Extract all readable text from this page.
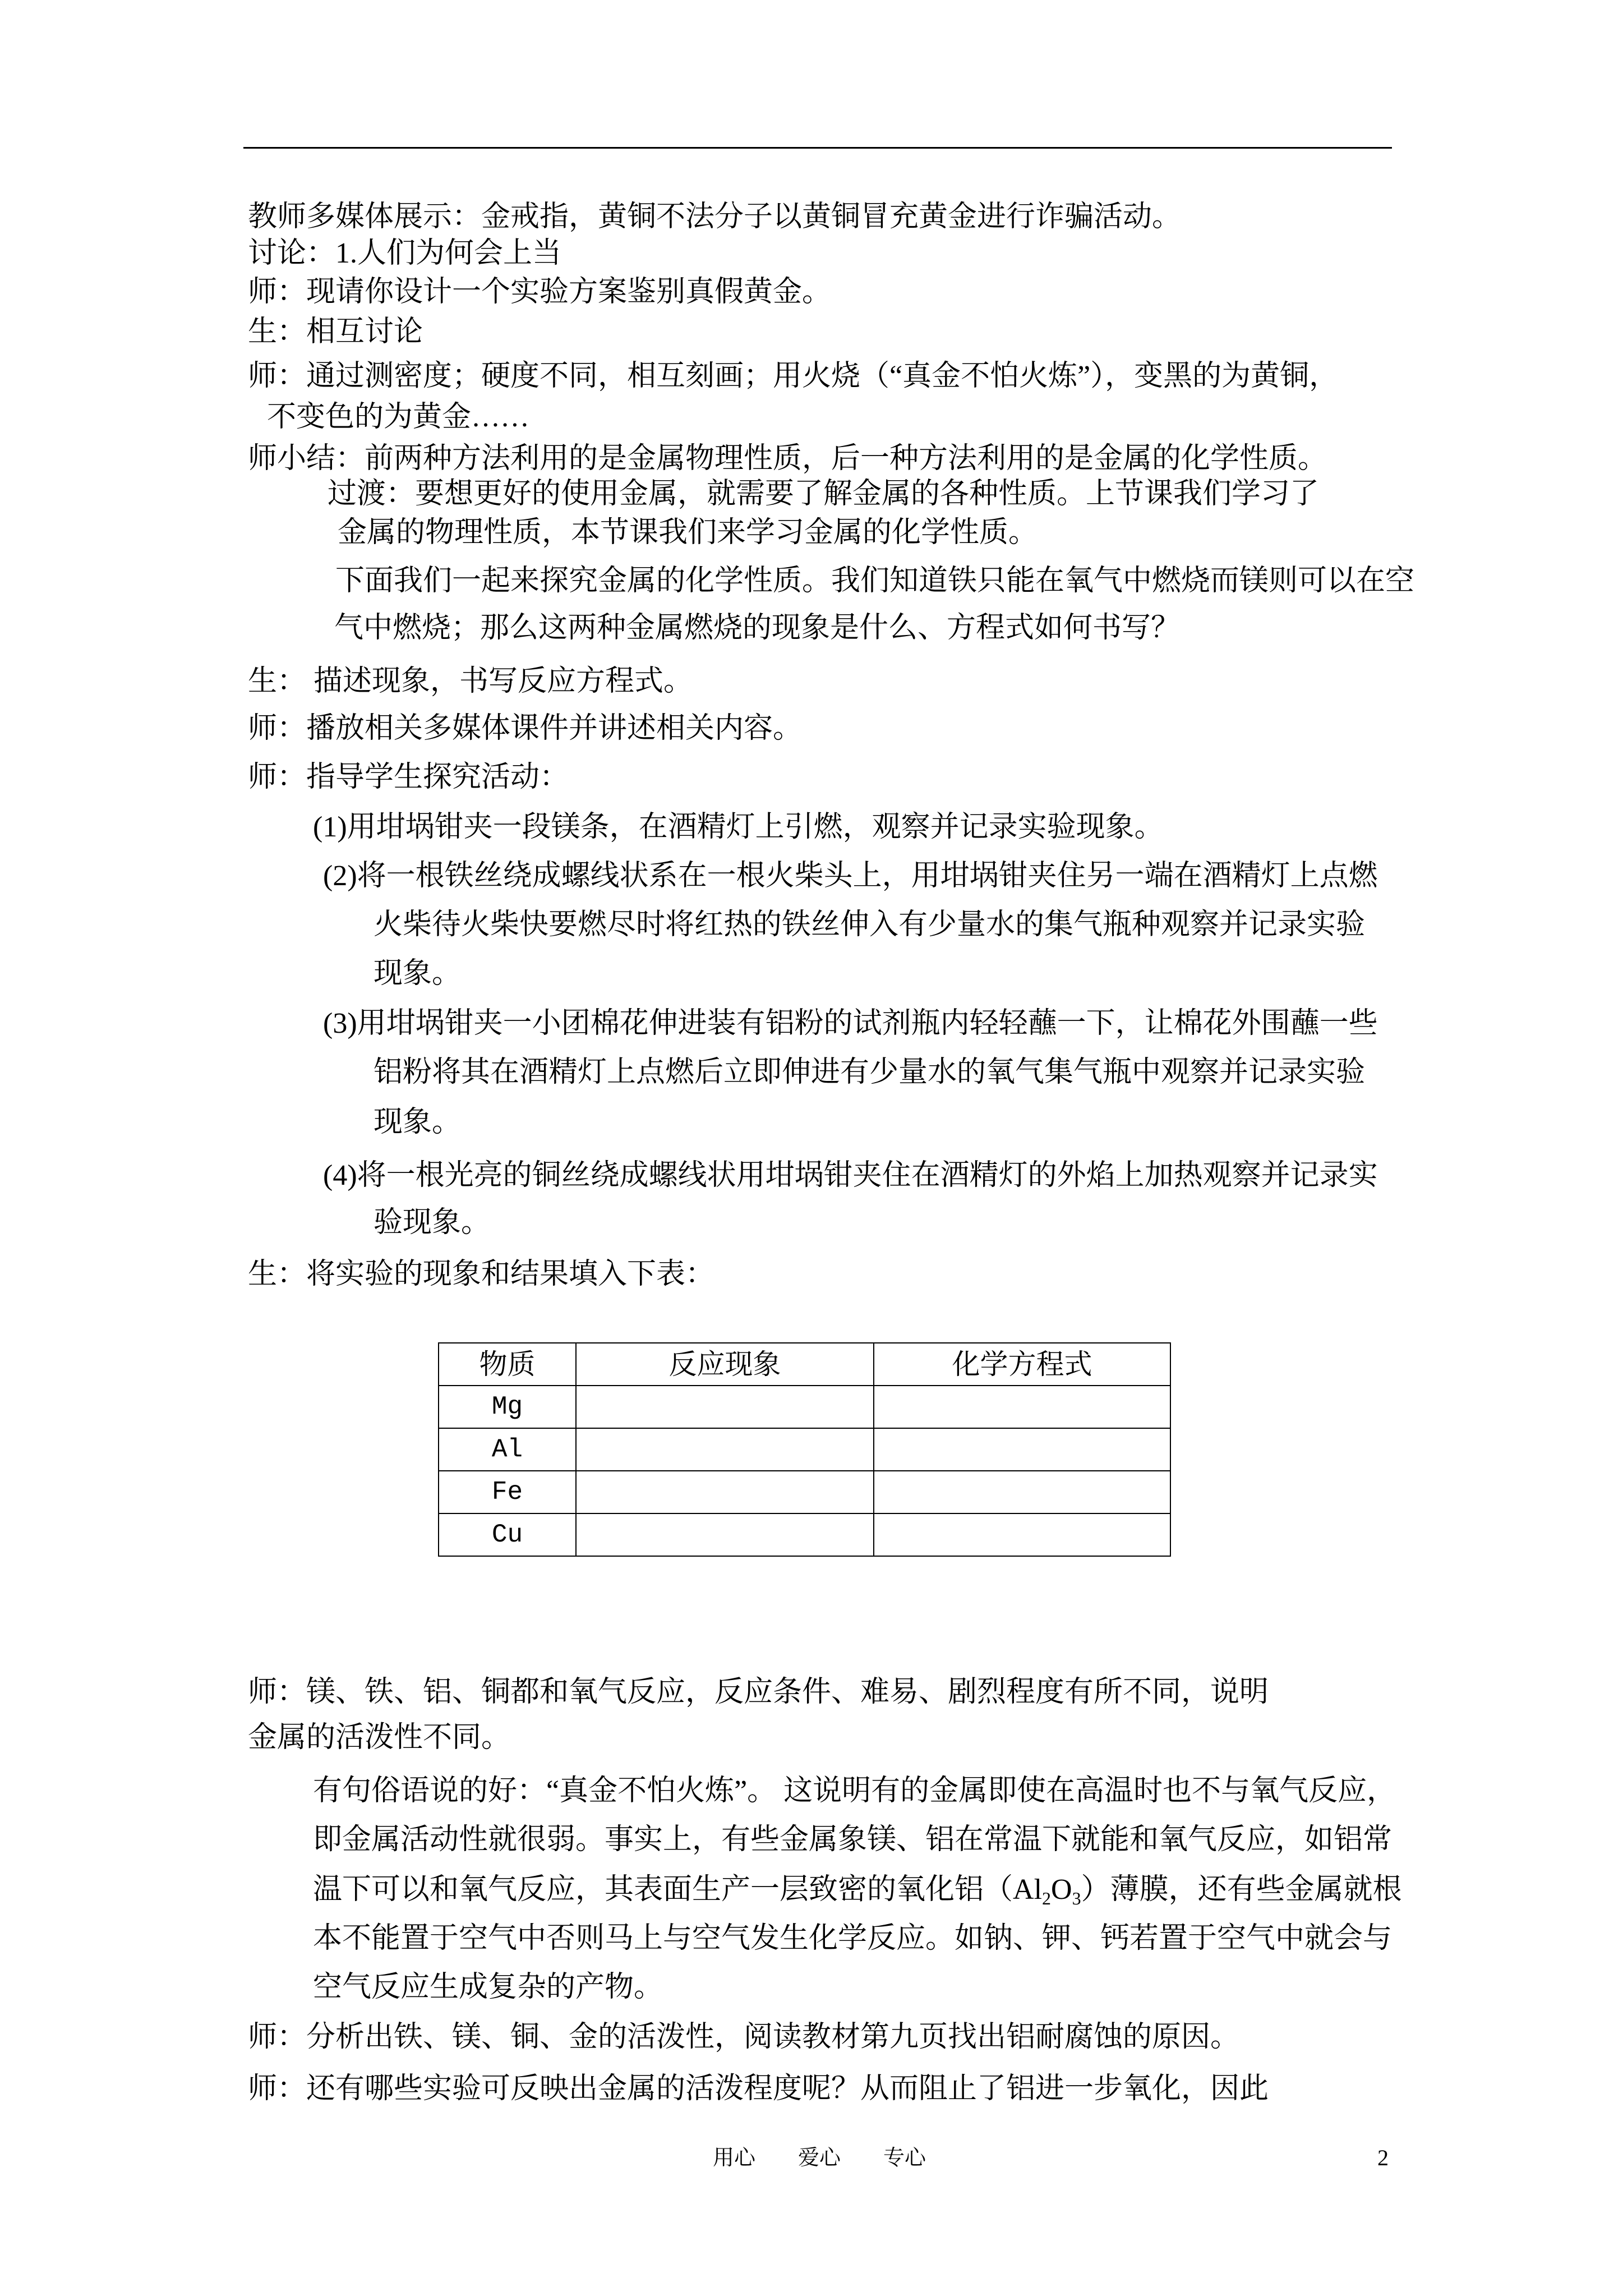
教师多媒体展示：金戒指，黄铜不法分子以黄铜冒充黄金进行诈骗活动。
讨论：1.人们为何会上当
师：现请你设计一个实验方案鉴别真假黄金。
生：相互讨论
师：通过测密度；硬度不同，相互刻画；用火烧（“真金不怕火炼”），变黑的为黄铜，
不变色的为黄金……
师小结：前两种方法利用的是金属物理性质，后一种方法利用的是金属的化学性质。
过渡：要想更好的使用金属，就需要了解金属的各种性质。上节课我们学习了
金属的物理性质，本节课我们来学习金属的化学性质。
下面我们一起来探究金属的化学性质。我们知道铁只能在氧气中燃烧而镁则可以在空
气中燃烧；那么这两种金属燃烧的现象是什么、方程式如何书写？
生： 描述现象，书写反应方程式。
师：播放相关多媒体课件并讲述相关内容。
师：指导学生探究活动：
(1)用坩埚钳夹一段镁条，在酒精灯上引燃，观察并记录实验现象。
(2)将一根铁丝绕成螺线状系在一根火柴头上，用坩埚钳夹住另一端在酒精灯上点燃
火柴待火柴快要燃尽时将红热的铁丝伸入有少量水的集气瓶种观察并记录实验
现象。
(3)用坩埚钳夹一小团棉花伸进装有铝粉的试剂瓶内轻轻蘸一下，让棉花外围蘸一些
铝粉将其在酒精灯上点燃后立即伸进有少量水的氧气集气瓶中观察并记录实验
现象。
(4)将一根光亮的铜丝绕成螺线状用坩埚钳夹住在酒精灯的外焰上加热观察并记录实
验现象。
生：将实验的现象和结果填入下表：
物质	反应现象	化学方程式
Mg		
Al		
Fe		
Cu		
师：镁、铁、铝、铜都和氧气反应，反应条件、难易、剧烈程度有所不同，说明
金属的活泼性不同。
有句俗语说的好：“真金不怕火炼”。 这说明有的金属即使在高温时也不与氧气反应，
即金属活动性就很弱。事实上，有些金属象镁、铝在常温下就能和氧气反应，如铝常
温下可以和氧气反应，其表面生产一层致密的氧化铝（Al2O3）薄膜，还有些金属就根
本不能置于空气中否则马上与空气发生化学反应。如钠、钾、钙若置于空气中就会与
空气反应生成复杂的产物。
师：分析出铁、镁、铜、金的活泼性，阅读教材第九页找出铝耐腐蚀的原因。
师：还有哪些实验可反映出金属的活泼程度呢？从而阻止了铝进一步氧化，因此
用心　　爱心　　专心	2
